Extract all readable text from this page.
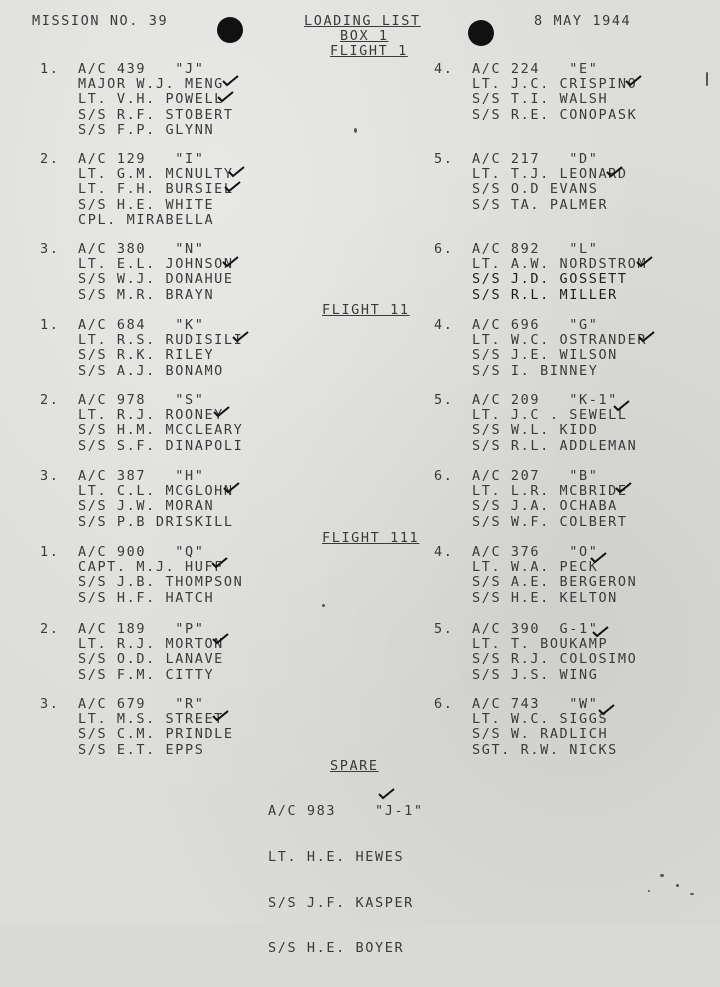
MISSION NO. 39	LOADING LIST
BOX 1
8 MAY 1944
FLIGHT 1
FLIGHT 11
FLIGHT 111
1. A/C 439   "J"
MAJOR W.J. MENG
LT. V.H. POWELL
S/S R.F. STOBERT
S/S F.P. GLYNN
2. A/C 129   "I"
LT. G.M. MCNULTY
LT. F.H. BURSIEL
S/S H.E. WHITE
CPL. MIRABELLA
3. A/C 380   "N"
LT. E.L. JOHNSON
S/S W.J. DONAHUE
S/S M.R. BRAYN
4. A/C 224   "E"
LT. J.C. CRISPINO
S/S T.I. WALSH
S/S R.E. CONOPASK
5. A/C 217   "D"
LT. T.J. LEONARD
S/S O.D EVANS
S/S TA. PALMER
6. A/C 892   "L"
LT. A.W. NORDSTROM
S/S J.D. GOSSETT
S/S R.L. MILLER
1. A/C 684   "K"
LT. R.S. RUDISILI
S/S R.K. RILEY
S/S A.J. BONAMO
2. A/C 978   "S"
LT. R.J. ROONEY
S/S H.M. MCCLEARY
S/S S.F. DINAPOLI
3. A/C 387   "H"
LT. C.L. MCGLOHN
S/S J.W. MORAN
S/S P.B DRISKILL
4. A/C 696   "G"
LT. W.C. OSTRANDER
S/S J.E. WILSON
S/S I. BINNEY
5. A/C 209   "K-1"
LT. J.C . SEWELL
S/S W.L. KIDD
S/S R.L. ADDLEMAN
6. A/C 207   "B"
LT. L.R. MCBRIDE
S/S J.A. OCHABA
S/S W.F. COLBERT
1. A/C 900   "Q"
CAPT. M.J. HUFF
S/S J.B. THOMPSON
S/S H.F. HATCH
2. A/C 189   "P"
LT. R.J. MORTON
S/S O.D. LANAVE
S/S F.M. CITTY
3. A/C 679   "R"
LT. M.S. STREET
S/S C.M. PRINDLE
S/S E.T. EPPS
4. A/C 376   "O"
LT. W.A. PECK
S/S A.E. BERGERON
S/S H.E. KELTON
5. A/C 390  G-1"
LT. T. BOUKAMP
S/S R.J. COLOSIMO
S/S J.S. WING
6. A/C 743   "W"
LT. W.C. SIGGS
S/S W. RADLICH
SGT. R.W. NICKS
SPARE

A/C 983    "J-1"

LT. H.E. HEWES

S/S J.F. KASPER

S/S H.E. BOYER
